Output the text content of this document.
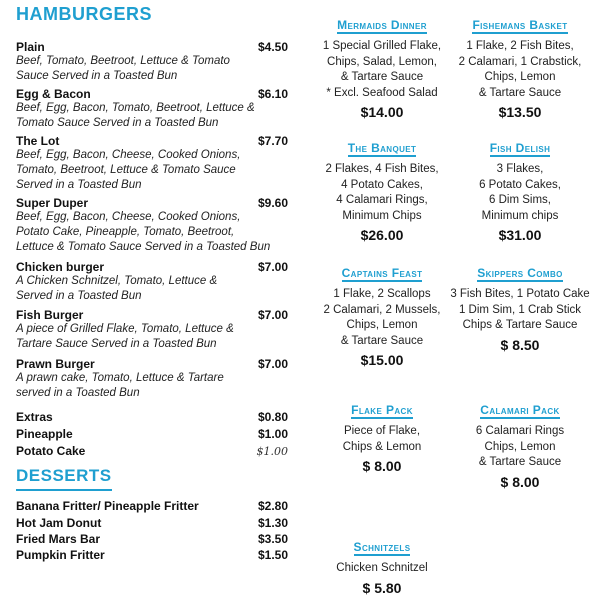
HAMBURGERS
Plain	$4.50
Beef, Tomato, Beetroot, Lettuce & Tomato
Sauce Served in a Toasted Bun
Egg & Bacon	$6.10
Beef, Egg, Bacon, Tomato, Beetroot, Lettuce &
Tomato Sauce Served in a Toasted Bun
The Lot	$7.70
Beef, Egg, Bacon, Cheese, Cooked Onions,
Tomato, Beetroot, Lettuce & Tomato Sauce
Served in a Toasted Bun
Super Duper	$9.60
Beef, Egg, Bacon, Cheese, Cooked Onions,
Potato Cake, Pineapple, Tomato, Beetroot,
Lettuce & Tomato Sauce Served in a Toasted Bun
Chicken burger	$7.00
A Chicken Schnitzel, Tomato, Lettuce &
Served in a Toasted Bun
Fish Burger	$7.00
A piece of Grilled Flake, Tomato, Lettuce &
Tartare Sauce Served in a Toasted Bun
Prawn Burger	$7.00
A prawn cake, Tomato, Lettuce & Tartare
served in a Toasted Bun
Extras	$0.80
Pineapple	$1.00
Potato Cake	$1.00
DESSERTS
Banana Fritter/ Pineapple Fritter	$2.80
Hot Jam Donut	$1.30
Fried Mars Bar	$3.50
Pumpkin Fritter	$1.50
Mermaids Dinner
1 Special Grilled Flake,
Chips, Salad, Lemon,
& Tartare Sauce
* Excl. Seafood Salad
$14.00
Fishemans Basket
1 Flake, 2 Fish Bites,
2 Calamari, 1 Crabstick,
Chips, Lemon
& Tartare Sauce
$13.50
The Banquet
2 Flakes, 4 Fish Bites,
4 Potato Cakes,
4 Calamari Rings,
Minimum Chips
$26.00
Fish Delish
3 Flakes,
6 Potato Cakes,
6 Dim Sims,
Minimum chips
$31.00
Captains Feast
1 Flake, 2 Scallops
2 Calamari, 2 Mussels,
Chips, Lemon
& Tartare Sauce
$15.00
Skippers Combo
3 Fish Bites, 1 Potato Cake
1 Dim Sim, 1 Crab Stick
Chips & Tartare Sauce
$ 8.50
Flake Pack
Piece of Flake,
Chips & Lemon
$ 8.00
Calamari Pack
6 Calamari Rings
Chips, Lemon
& Tartare Sauce
$ 8.00
Schnitzels
Chicken Schnitzel
$ 5.80
